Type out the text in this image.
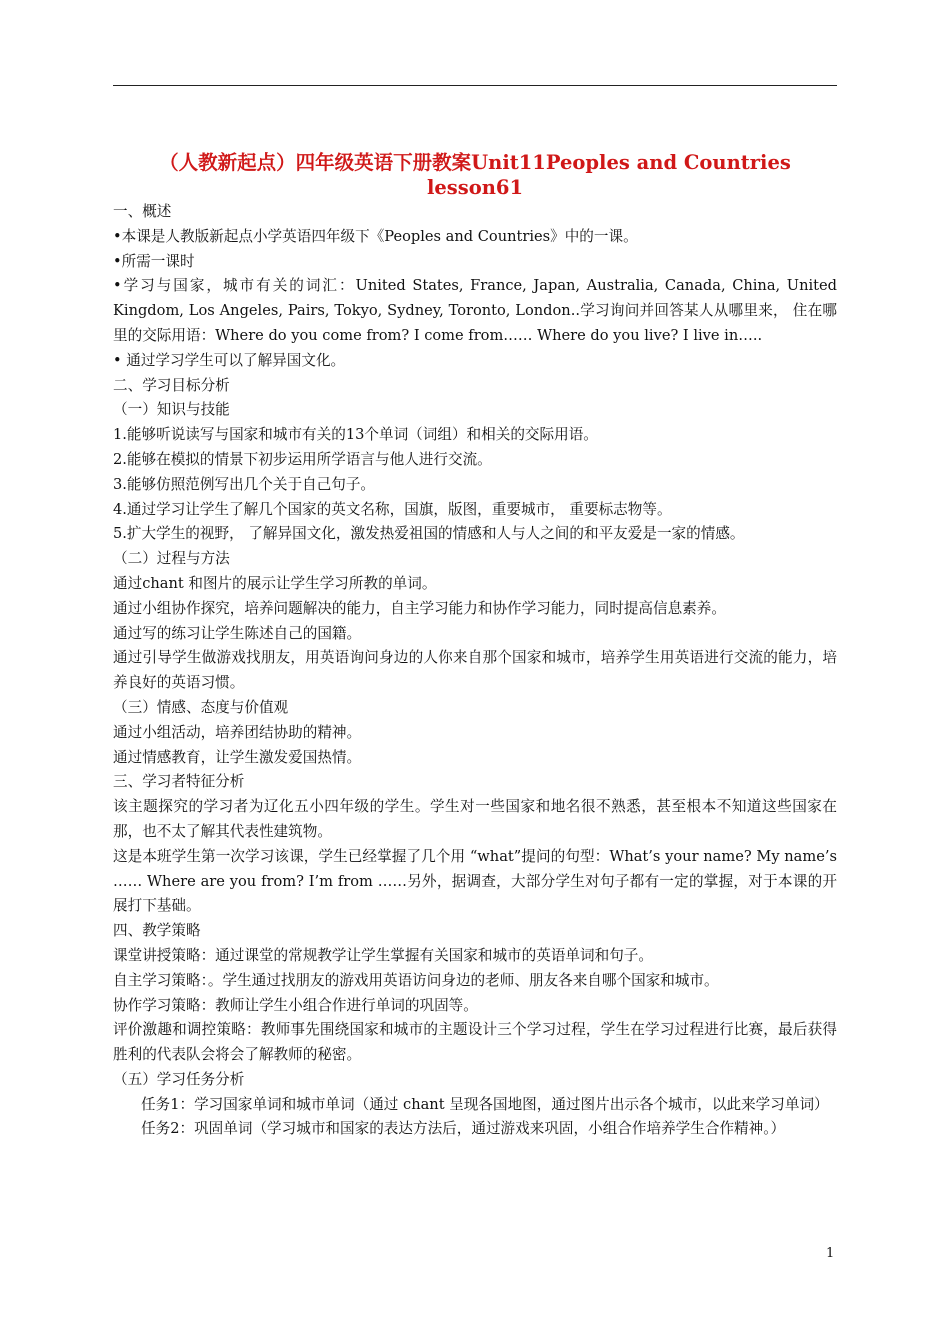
（人教新起点）四年级英语下册教案Unit11Peoples and Countries lesson61

一、概述

•本课是人教版新起点小学英语四年级下《Peoples and Countries》中的一课。

•所需一课时

•学习与国家，城市有关的词汇：United States, France, Japan, Australia, Canada, China, United Kingdom, Los Angeles, Pairs, Tokyo, Sydney, Toronto, London..学习询问并回答某人从哪里来， 住在哪里的交际用语：Where do you come from? I come from…… Where do you live? I live in…..

• 通过学习学生可以了解异国文化。

二、学习目标分析

（一）知识与技能

1.能够听说读写与国家和城市有关的13个单词（词组）和相关的交际用语。

2.能够在模拟的情景下初步运用所学语言与他人进行交流。

3.能够仿照范例写出几个关于自己句子。

4.通过学习让学生了解几个国家的英文名称，国旗，版图，重要城市， 重要标志物等。

5.扩大学生的视野， 了解异国文化，激发热爱祖国的情感和人与人之间的和平友爱是一家的情感。

（二）过程与方法

通过chant 和图片的展示让学生学习所教的单词。

通过小组协作探究，培养问题解决的能力，自主学习能力和协作学习能力，同时提高信息素养。

通过写的练习让学生陈述自己的国籍。

通过引导学生做游戏找朋友，用英语询问身边的人你来自那个国家和城市，培养学生用英语进行交流的能力，培养良好的英语习惯。

（三）情感、态度与价值观

通过小组活动，培养团结协助的精神。

通过情感教育，让学生激发爱国热情。

三、学习者特征分析

该主题探究的学习者为辽化五小四年级的学生。学生对一些国家和地名很不熟悉，甚至根本不知道这些国家在那，也不太了解其代表性建筑物。

这是本班学生第一次学习该课，学生已经掌握了几个用 “what”提问的句型：What’s your name? My name’s …… Where are you from? I’m from ……另外，据调查，大部分学生对句子都有一定的掌握，对于本课的开展打下基础。

四、教学策略

课堂讲授策略：通过课堂的常规教学让学生掌握有关国家和城市的英语单词和句子。

自主学习策略：。学生通过找朋友的游戏用英语访问身边的老师、朋友各来自哪个国家和城市。

协作学习策略：教师让学生小组合作进行单词的巩固等。

评价激趣和调控策略：教师事先围绕国家和城市的主题设计三个学习过程，学生在学习过程进行比赛，最后获得胜利的代表队会将会了解教师的秘密。

（五）学习任务分析

任务1：学习国家单词和城市单词（通过 chant 呈现各国地图，通过图片出示各个城市，以此来学习单词）

任务2：巩固单词（学习城市和国家的表达方法后，通过游戏来巩固，小组合作培养学生合作精神。）

1
